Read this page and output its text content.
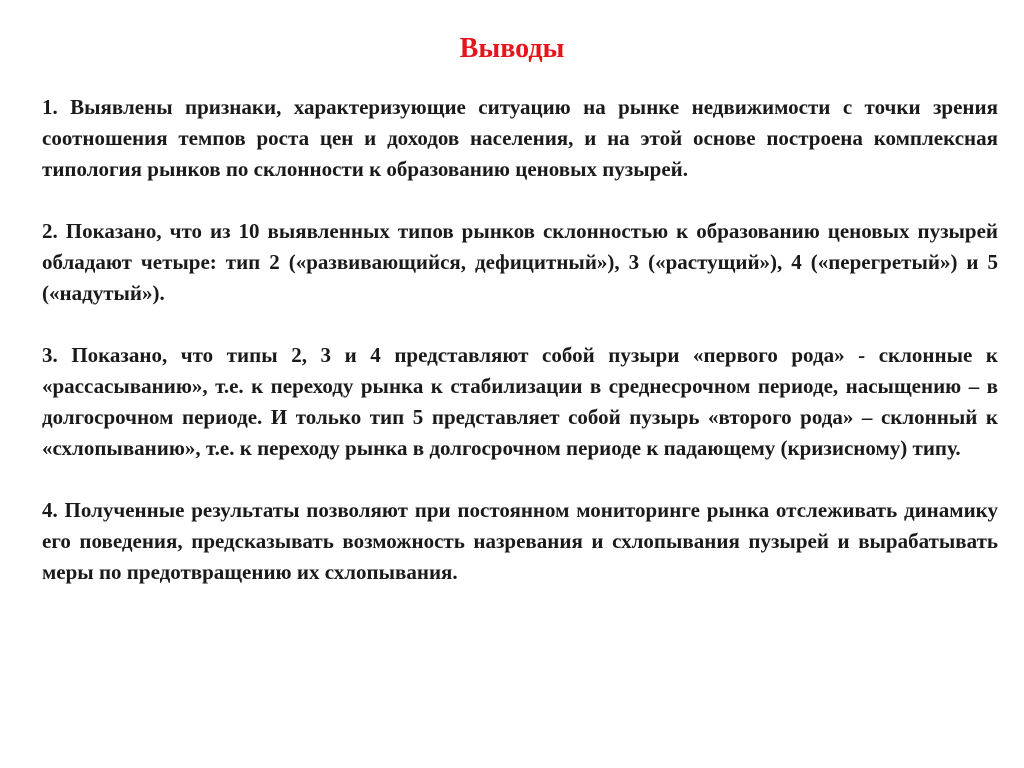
Выводы

1. Выявлены признаки, характеризующие ситуацию на рынке недвижимости с точки зрения соотношения темпов роста цен и доходов населения, и на этой основе построена комплексная типология рынков по склонности к образованию ценовых пузырей.

2. Показано, что из 10 выявленных типов рынков склонностью к образованию ценовых пузырей обладают четыре: тип 2 («развивающийся, дефицитный»), 3 («растущий»), 4 («перегретый») и 5 («надутый»).

3. Показано, что типы 2, 3 и 4 представляют собой пузыри «первого рода» - склонные к «рассасыванию», т.е. к переходу рынка к стабилизации в среднесрочном периоде, насыщению – в долгосрочном периоде. И только тип 5 представляет собой пузырь «второго рода» – склонный к «схлопыванию», т.е. к переходу рынка в долгосрочном периоде к падающему (кризисному) типу.

4. Полученные результаты позволяют при постоянном мониторинге рынка отслеживать динамику его поведения, предсказывать возможность назревания и схлопывания пузырей и вырабатывать меры по предотвращению их схлопывания.
